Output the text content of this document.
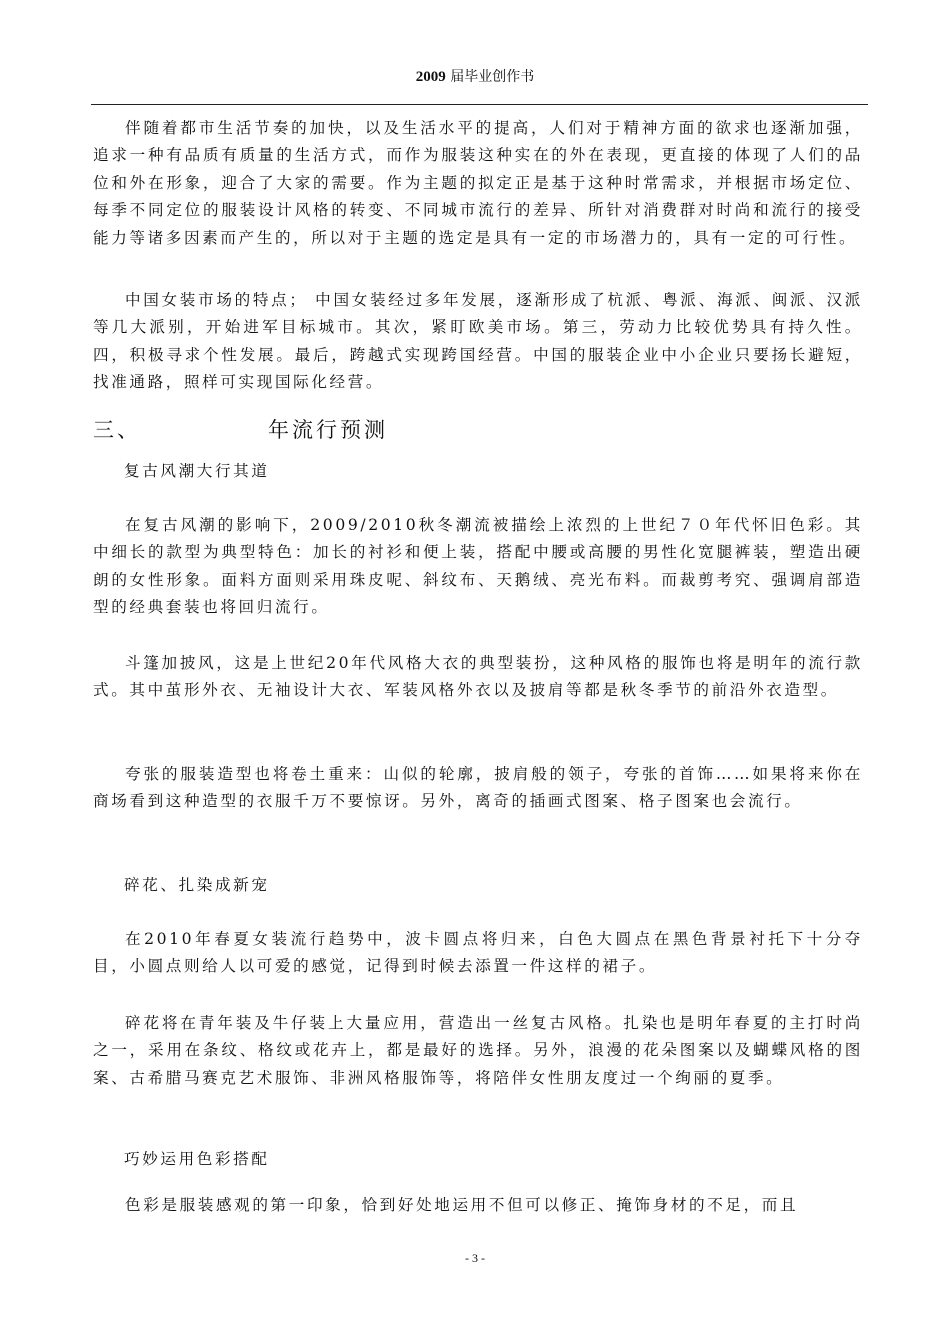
2009 届毕业创作书

伴随着都市生活节奏的加快，以及生活水平的提高，人们对于精神方面的欲求也逐渐加强，追求一种有品质有质量的生活方式，而作为服装这种实在的外在表现，更直接的体现了人们的品位和外在形象，迎合了大家的需要。作为主题的拟定正是基于这种时常需求，并根据市场定位、每季不同定位的服装设计风格的转变、不同城市流行的差异、所针对消费群对时尚和流行的接受能力等诸多因素而产生的，所以对于主题的选定是具有一定的市场潜力的，具有一定的可行性。

中国女装市场的特点； 中国女装经过多年发展，逐渐形成了杭派、粤派、海派、闽派、汉派等几大派别，开始进军目标城市。其次，紧盯欧美市场。第三，劳动力比较优势具有持久性。四，积极寻求个性发展。最后，跨越式实现跨国经营。中国的服装企业中小企业只要扬长避短，找准通路，照样可实现国际化经营。

三、	年流行预测

复古风潮大行其道

在复古风潮的影响下，2009/2010秋冬潮流被描绘上浓烈的上世纪７０年代怀旧色彩。其中细长的款型为典型特色：加长的衬衫和便上装，搭配中腰或高腰的男性化宽腿裤装，塑造出硬朗的女性形象。面料方面则采用珠皮呢、斜纹布、天鹅绒、亮光布料。而裁剪考究、强调肩部造型的经典套装也将回归流行。

斗篷加披风，这是上世纪20年代风格大衣的典型装扮，这种风格的服饰也将是明年的流行款式。其中茧形外衣、无袖设计大衣、军装风格外衣以及披肩等都是秋冬季节的前沿外衣造型。

夸张的服装造型也将卷土重来：山似的轮廓，披肩般的领子，夸张的首饰……如果将来你在商场看到这种造型的衣服千万不要惊讶。另外，离奇的插画式图案、格子图案也会流行。

碎花、扎染成新宠

在2010年春夏女装流行趋势中，波卡圆点将归来，白色大圆点在黑色背景衬托下十分夺目，小圆点则给人以可爱的感觉，记得到时候去添置一件这样的裙子。

碎花将在青年装及牛仔装上大量应用，营造出一丝复古风格。扎染也是明年春夏的主打时尚之一，采用在条纹、格纹或花卉上，都是最好的选择。另外，浪漫的花朵图案以及蝴蝶风格的图案、古希腊马赛克艺术服饰、非洲风格服饰等，将陪伴女性朋友度过一个绚丽的夏季。

巧妙运用色彩搭配

色彩是服装感观的第一印象，恰到好处地运用不但可以修正、掩饰身材的不足，而且

- 3 -
